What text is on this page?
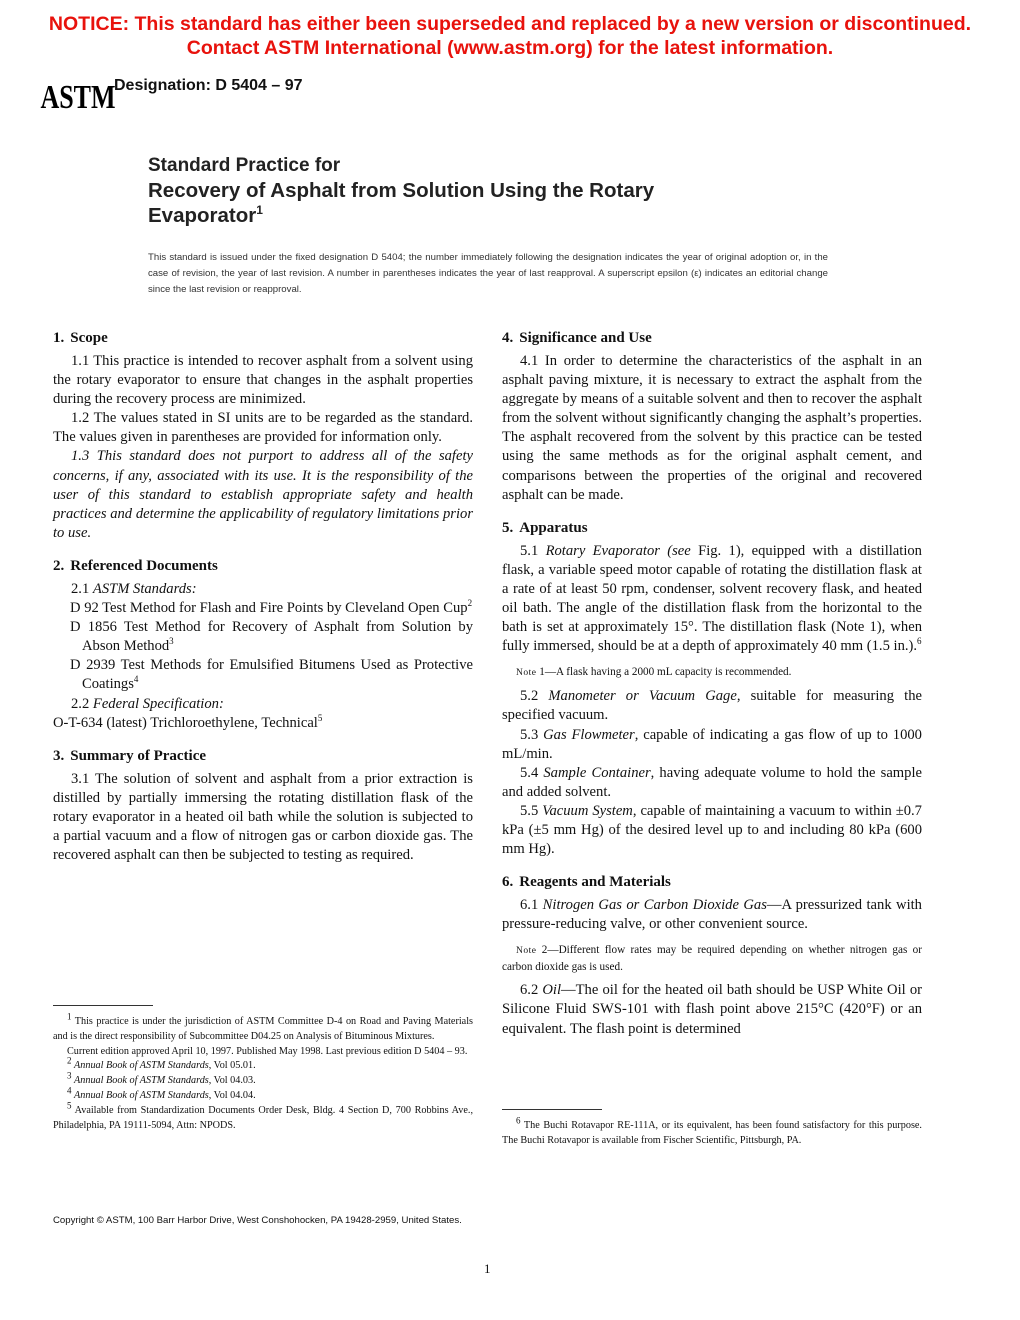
NOTICE: This standard has either been superseded and replaced by a new version or discontinued.
Contact ASTM International (www.astm.org) for the latest information.
ASTM
Designation: D 5404 – 97
Standard Practice for
Recovery of Asphalt from Solution Using the Rotary Evaporator$^1$
This standard is issued under the fixed designation D 5404; the number immediately following the designation indicates the year of original adoption or, in the case of revision, the year of last revision. A number in parentheses indicates the year of last reapproval. A superscript epsilon (ε) indicates an editorial change since the last revision or reapproval.
1. Scope

1.1 This practice is intended to recover asphalt from a solvent using the rotary evaporator to ensure that changes in the asphalt properties during the recovery process are minimized.

1.2 The values stated in SI units are to be regarded as the standard. The values given in parentheses are provided for information only.

1.3 This standard does not purport to address all of the safety concerns, if any, associated with its use. It is the responsibility of the user of this standard to establish appropriate safety and health practices and determine the applicability of regulatory limitations prior to use.

2. Referenced Documents

2.1 ASTM Standards:

D 92 Test Method for Flash and Fire Points by Cleveland Open Cup$^2$

D 1856 Test Method for Recovery of Asphalt from Solution by Abson Method$^3$

D 2939 Test Methods for Emulsified Bitumens Used as Protective Coatings$^4$

2.2 Federal Specification:

O-T-634 (latest) Trichloroethylene, Technical$^5$

3. Summary of Practice

3.1 The solution of solvent and asphalt from a prior extraction is distilled by partially immersing the rotating distillation flask of the rotary evaporator in a heated oil bath while the solution is subjected to a partial vacuum and a flow of nitrogen gas or carbon dioxide gas. The recovered asphalt can then be subjected to testing as required.

4. Significance and Use

4.1 In order to determine the characteristics of the asphalt in an asphalt paving mixture, it is necessary to extract the asphalt from the aggregate by means of a suitable solvent and then to recover the asphalt from the solvent without significantly changing the asphalt’s properties. The asphalt recovered from the solvent by this practice can be tested using the same methods as for the original asphalt cement, and comparisons between the properties of the original and recovered asphalt can be made.

5. Apparatus

5.1 Rotary Evaporator (see Fig. 1), equipped with a distillation flask, a variable speed motor capable of rotating the distillation flask at a rate of at least 50 rpm, condenser, solvent recovery flask, and heated oil bath. The angle of the distillation flask from the horizontal to the bath is set at approximately 15°. The distillation flask (Note 1), when fully immersed, should be at a depth of approximately 40 mm (1.5 in.).$^6$

Note 1—A flask having a 2000 mL capacity is recommended.

5.2 Manometer or Vacuum Gage, suitable for measuring the specified vacuum.

5.3 Gas Flowmeter, capable of indicating a gas flow of up to 1000 mL/min.

5.4 Sample Container, having adequate volume to hold the sample and added solvent.

5.5 Vacuum System, capable of maintaining a vacuum to within ±0.7 kPa (±5 mm Hg) of the desired level up to and including 80 kPa (600 mm Hg).

6. Reagents and Materials

6.1 Nitrogen Gas or Carbon Dioxide Gas—A pressurized tank with pressure-reducing valve, or other convenient source.

Note 2—Different flow rates may be required depending on whether nitrogen gas or carbon dioxide gas is used.

6.2 Oil—The oil for the heated oil bath should be USP White Oil or Silicone Fluid SWS-101 with flash point above 215°C (420°F) or an equivalent. The flash point is determined

$^1$ This practice is under the jurisdiction of ASTM Committee D-4 on Road and Paving Materials and is the direct responsibility of Subcommittee D04.25 on Analysis of Bituminous Mixtures.

Current edition approved April 10, 1997. Published May 1998. Last previous edition D 5404 – 93.

$^2$ Annual Book of ASTM Standards, Vol 05.01.

$^3$ Annual Book of ASTM Standards, Vol 04.03.

$^4$ Annual Book of ASTM Standards, Vol 04.04.

$^5$ Available from Standardization Documents Order Desk, Bldg. 4 Section D, 700 Robbins Ave., Philadelphia, PA 19111-5094, Attn: NPODS.	$^6$ The Buchi Rotavapor RE-111A, or its equivalent, has been found satisfactory for this purpose. The Buchi Rotavapor is available from Fischer Scientific, Pittsburgh, PA.

Copyright © ASTM, 100 Barr Harbor Drive, West Conshohocken, PA 19428-2959, United States.
1
